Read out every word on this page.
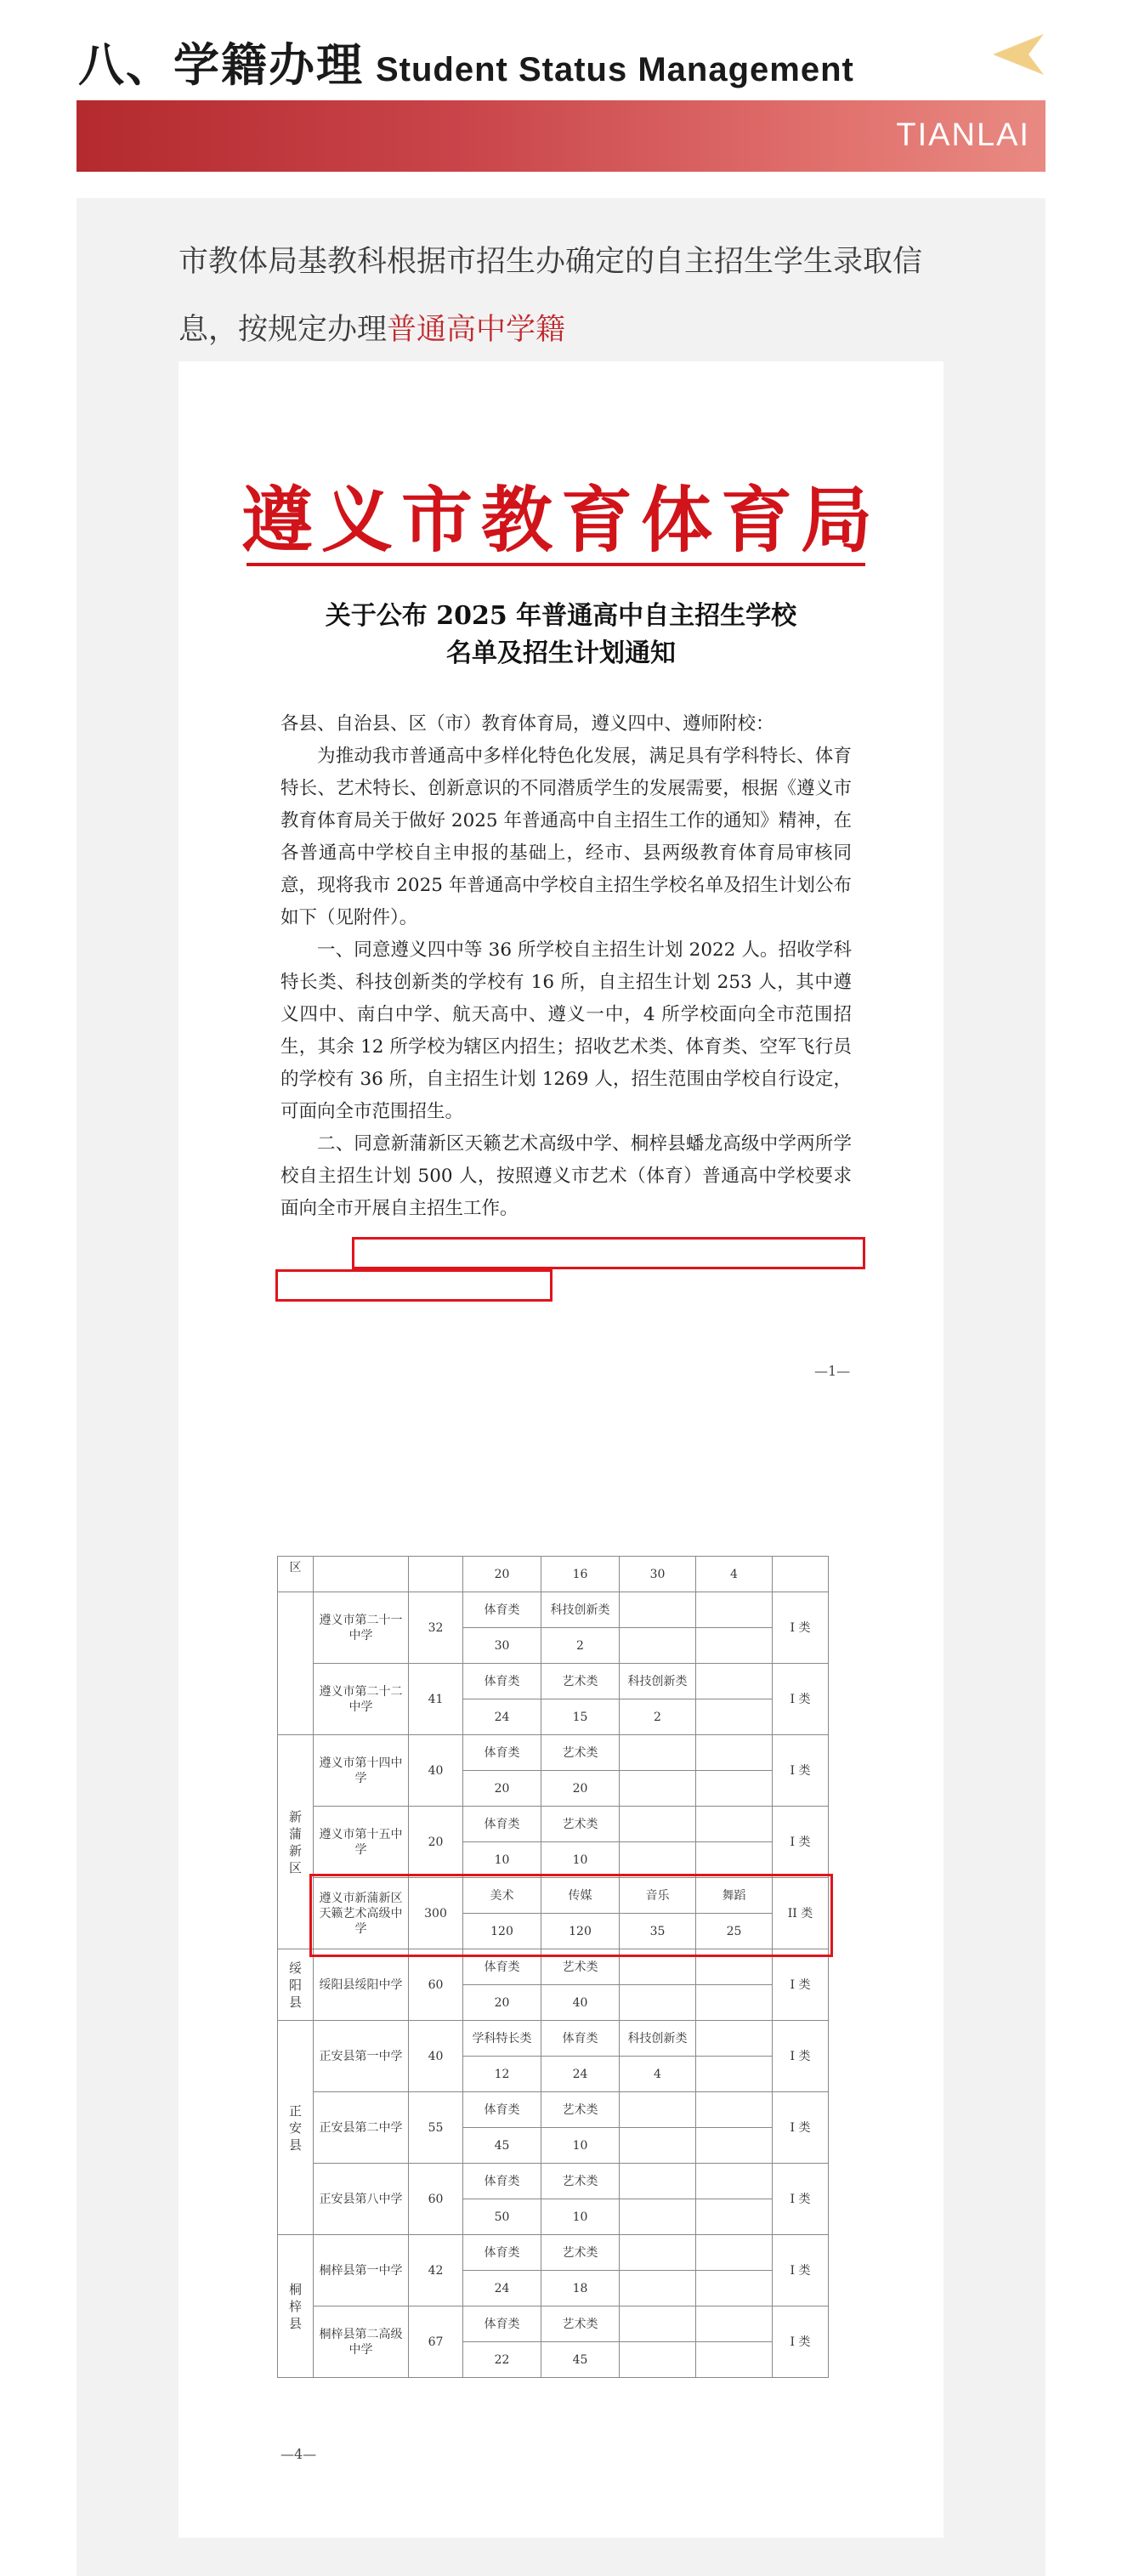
八、学籍办理 Student Status Management
TIANLAI
市教体局基教科根据市招生办确定的自主招生学生录取信息，按规定办理普通高中学籍
遵义市教育体育局
关于公布 2025 年普通高中自主招生学校
名单及招生计划通知

各县、自治县、区（市）教育体育局，遵义四中、遵师附校：

为推动我市普通高中多样化特色化发展，满足具有学科特长、体育特长、艺术特长、创新意识的不同潜质学生的发展需要，根据《遵义市教育体育局关于做好 2025 年普通高中自主招生工作的通知》精神，在各普通高中学校自主申报的基础上，经市、县两级教育体育局审核同意，现将我市 2025 年普通高中学校自主招生学校名单及招生计划公布如下（见附件）。

一、同意遵义四中等 36 所学校自主招生计划 2022 人。招收学科特长类、科技创新类的学校有 16 所，自主招生计划 253 人，其中遵义四中、南白中学、航天高中、遵义一中，4 所学校面向全市范围招生，其余 12 所学校为辖区内招生；招收艺术类、体育类、空军飞行员的学校有 36 所，自主招生计划 1269 人，招生范围由学校自行设定，可面向全市范围招生。

二、同意新蒲新区天籁艺术高级中学、桐梓县蟠龙高级中学两所学校自主招生计划 500 人，按照遵义市艺术（体育）普通高中学校要求面向全市开展自主招生工作。

—1—
区			20	16	30	4	
	遵义市第二十一中学	32	体育类	科技创新类			I 类
			30	2			
	遵义市第二十二中学	41	体育类	艺术类	科技创新类		I 类
			24	15	2		
新蒲新区	遵义市第十四中学	40	体育类	艺术类			I 类
			20	20			
	遵义市第十五中学	20	体育类	艺术类			I 类
			10	10			
	遵义市新蒲新区天籁艺术高级中学	300	美术	传媒	音乐	舞蹈	II 类
			120	120	35	25	
绥阳县	绥阳县绥阳中学	60	体育类	艺术类			I 类
			20	40			
正安县	正安县第一中学	40	学科特长类	体育类	科技创新类		I 类
			12	24	4		
	正安县第二中学	55	体育类	艺术类			I 类
			45	10			
	正安县第八中学	60	体育类	艺术类			I 类
			50	10			
桐梓县	桐梓县第一中学	42	体育类	艺术类			I 类
			24	18			
	桐梓县第二高级中学	67	体育类	艺术类			I 类
			22	45			
—4—
